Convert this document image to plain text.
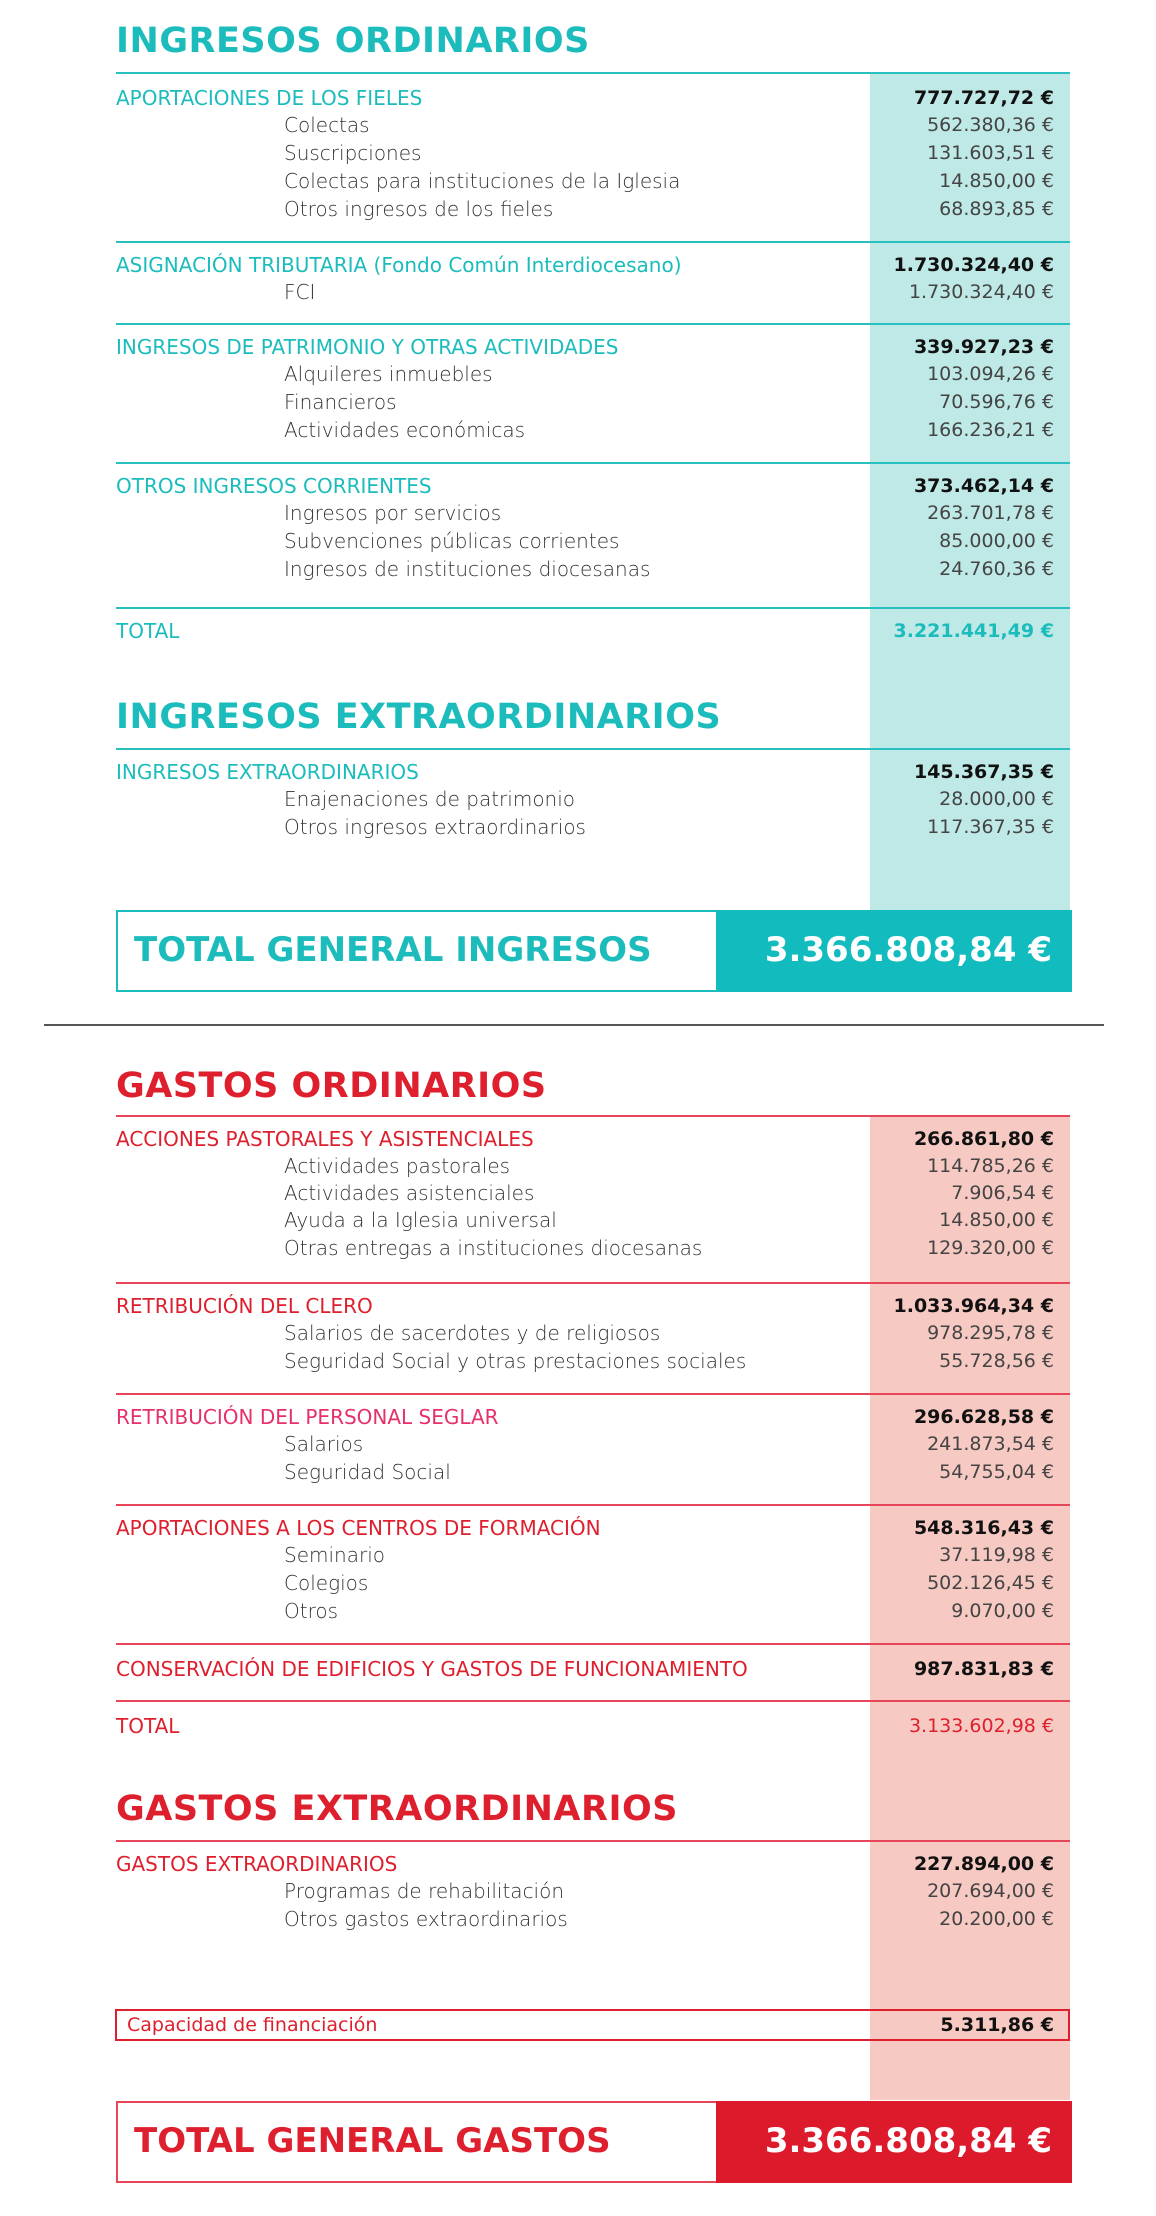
INGRESOS ORDINARIOS
APORTACIONES DE LOS FIELES	777.727,72 €
Colectas	562.380,36 €
Suscripciones	131.603,51 €
Colectas para instituciones de la Iglesia	14.850,00 €
Otros ingresos de los fieles	68.893,85 €
ASIGNACIÓN TRIBUTARIA (Fondo Común Interdiocesano)	1.730.324,40 €
FCI	1.730.324,40 €
INGRESOS DE PATRIMONIO Y OTRAS ACTIVIDADES	339.927,23 €
Alquileres inmuebles	103.094,26 €
Financieros	70.596,76 €
Actividades económicas	166.236,21 €
OTROS INGRESOS CORRIENTES	373.462,14 €
Ingresos por servicios	263.701,78 €
Subvenciones públicas corrientes	85.000,00 €
Ingresos de instituciones diocesanas	24.760,36 €
TOTAL	3.221.441,49 €
INGRESOS EXTRAORDINARIOS
INGRESOS EXTRAORDINARIOS	145.367,35 €
Enajenaciones de patrimonio	28.000,00 €
Otros ingresos extraordinarios	117.367,35 €
TOTAL GENERAL INGRESOS	3.366.808,84 €
GASTOS ORDINARIOS
ACCIONES PASTORALES Y ASISTENCIALES	266.861,80 €
Actividades pastorales	114.785,26 €
Actividades asistenciales	7.906,54 €
Ayuda a la Iglesia universal	14.850,00 €
Otras entregas a instituciones diocesanas	129.320,00 €
RETRIBUCIÓN DEL CLERO	1.033.964,34 €
Salarios de sacerdotes y de religiosos	978.295,78 €
Seguridad Social y otras prestaciones sociales	55.728,56 €
RETRIBUCIÓN DEL PERSONAL SEGLAR	296.628,58 €
Salarios	241.873,54 €
Seguridad Social	54,755,04 €
APORTACIONES A LOS CENTROS DE FORMACIÓN	548.316,43 €
Seminario	37.119,98 €
Colegios	502.126,45 €
Otros	9.070,00 €
CONSERVACIÓN DE EDIFICIOS Y GASTOS DE FUNCIONAMIENTO	987.831,83 €
TOTAL	3.133.602,98 €
GASTOS EXTRAORDINARIOS
GASTOS EXTRAORDINARIOS	227.894,00 €
Programas de rehabilitación	207.694,00 €
Otros gastos extraordinarios	20.200,00 €
Capacidad de financiación	5.311,86 €
TOTAL GENERAL GASTOS	3.366.808,84 €
